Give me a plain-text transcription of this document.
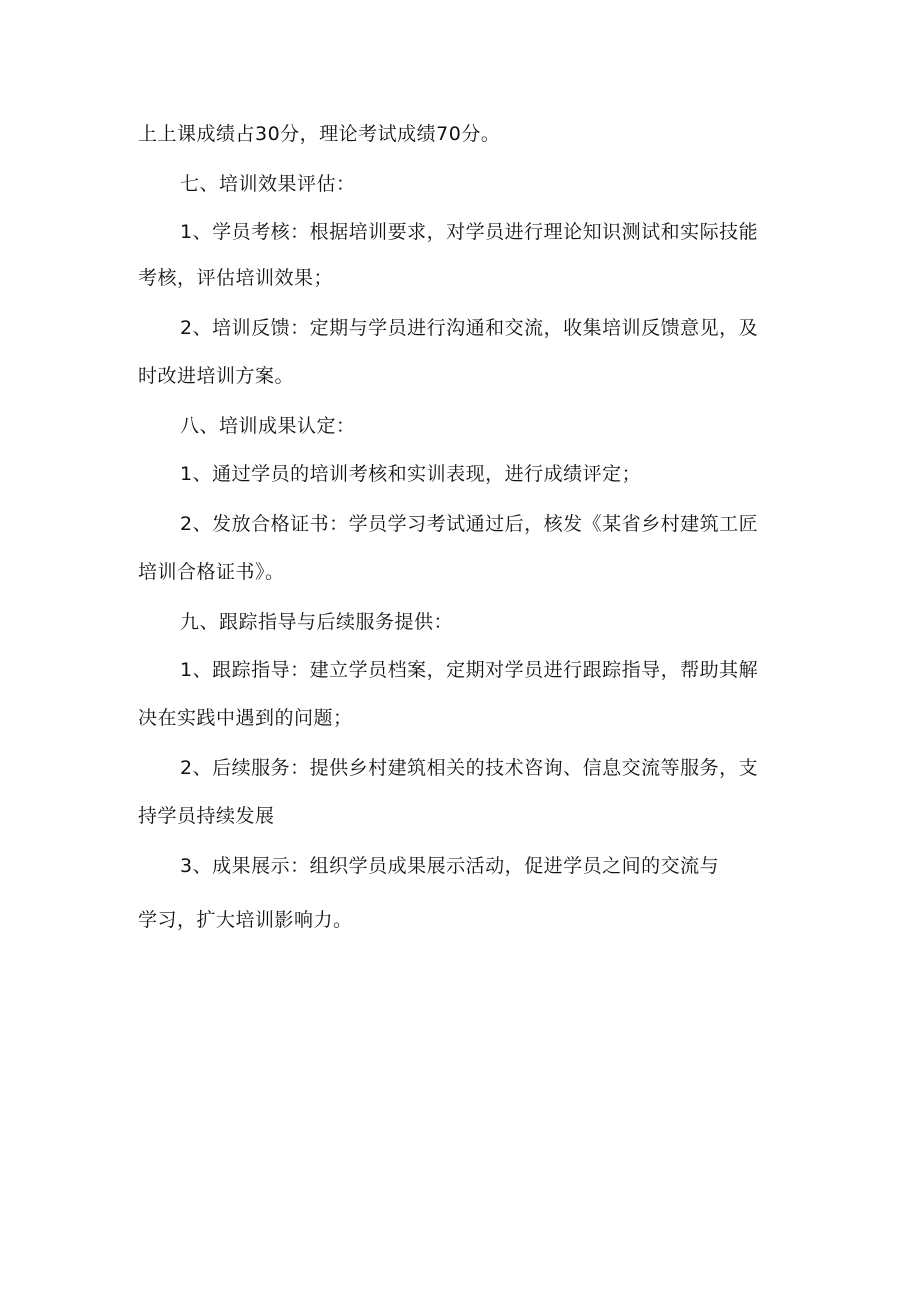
上上课成绩占30分，理论考试成绩70分。
七、培训效果评估：
1、学员考核：根据培训要求，对学员进行理论知识测试和实际技能
考核，评估培训效果；
2、培训反馈：定期与学员进行沟通和交流，收集培训反馈意见，及
时改进培训方案。
八、培训成果认定：
1、通过学员的培训考核和实训表现，进行成绩评定；
2、发放合格证书：学员学习考试通过后，核发《某省乡村建筑工匠
培训合格证书》。
九、跟踪指导与后续服务提供：
1、跟踪指导：建立学员档案，定期对学员进行跟踪指导，帮助其解
决在实践中遇到的问题；
2、后续服务：提供乡村建筑相关的技术咨询、信息交流等服务，支
持学员持续发展
3、成果展示：组织学员成果展示活动，促进学员之间的交流与
学习，扩大培训影响力。
